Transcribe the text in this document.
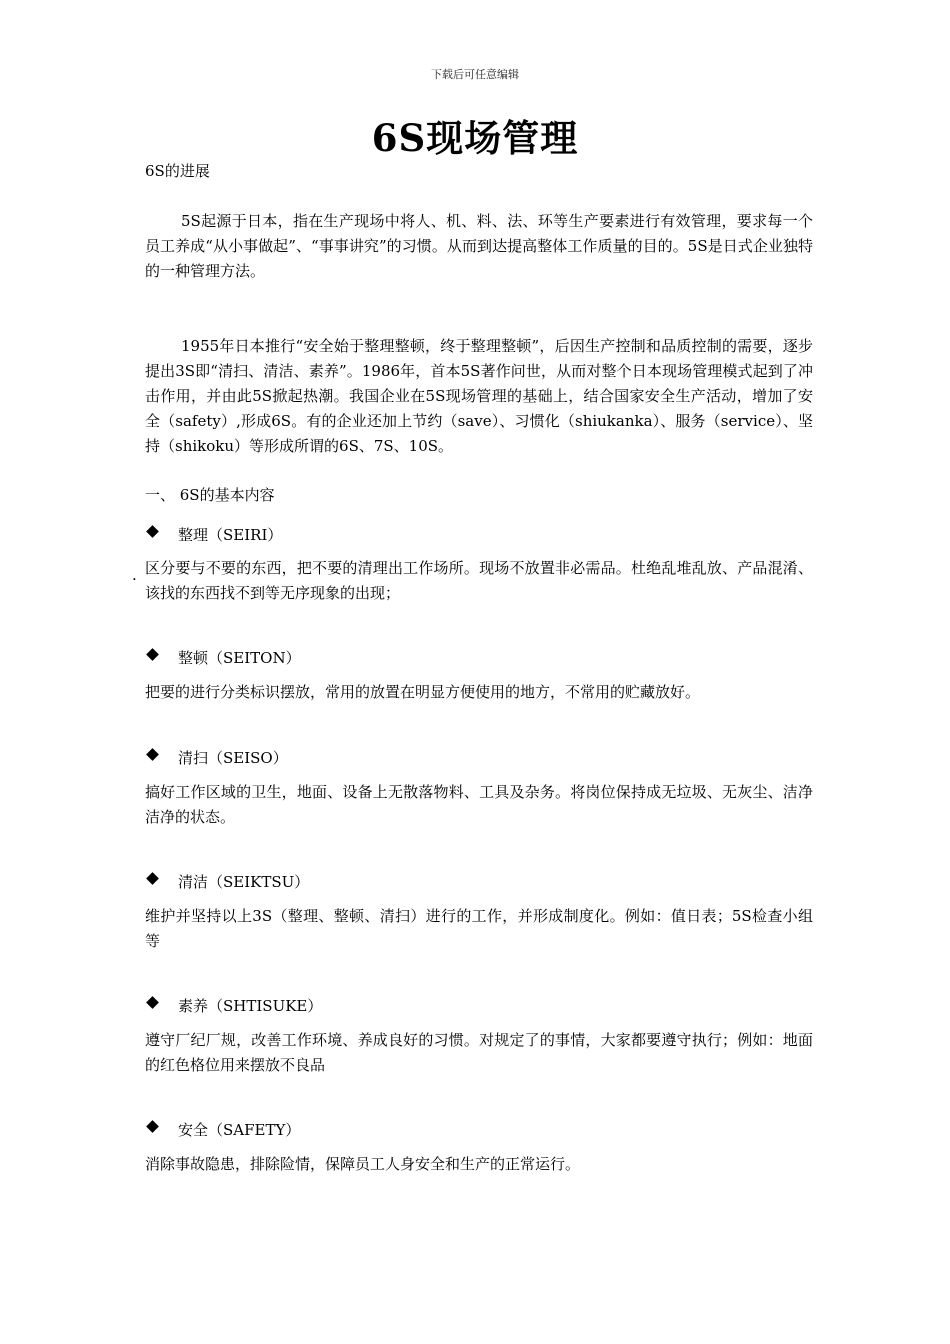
下载后可任意编辑
6S现场管理
.

6S的进展

5S起源于日本，指在生产现场中将人、机、料、法、环等生产要素进行有效管理，要求每一个员工养成“从小事做起”、“事事讲究”的习惯。从而到达提高整体工作质量的目的。5S是日式企业独特的一种管理方法。

1955年日本推行“安全始于整理整顿，终于整理整顿”，后因生产控制和品质控制的需要，逐步提出3S即“清扫、清洁、素养”。1986年，首本5S著作问世，从而对整个日本现场管理模式起到了冲击作用，并由此5S掀起热潮。我国企业在5S现场管理的基础上，结合国家安全生产活动，增加了安全（safety）,形成6S。有的企业还加上节约（save）、习惯化（shiukanka）、服务（service）、坚持（shikoku）等形成所谓的6S、7S、10S。

一、 6S的基本内容

整理（SEIRI）

区分要与不要的东西，把不要的清理出工作场所。现场不放置非必需品。杜绝乱堆乱放、产品混淆、该找的东西找不到等无序现象的出现；

整顿（SEITON）

把要的进行分类标识摆放，常用的放置在明显方便使用的地方，不常用的贮藏放好。

清扫（SEISO）

搞好工作区域的卫生，地面、设备上无散落物料、工具及杂务。将岗位保持成无垃圾、无灰尘、洁净洁净的状态。

清洁（SEIKTSU）

维护并坚持以上3S（整理、整顿、清扫）进行的工作，并形成制度化。例如：值日表；5S检查小组等

素养（SHTISUKE）

遵守厂纪厂规，改善工作环境、养成良好的习惯。对规定了的事情，大家都要遵守执行；例如：地面的红色格位用来摆放不良品

安全（SAFETY）

消除事故隐患，排除险情，保障员工人身安全和生产的正常运行。
